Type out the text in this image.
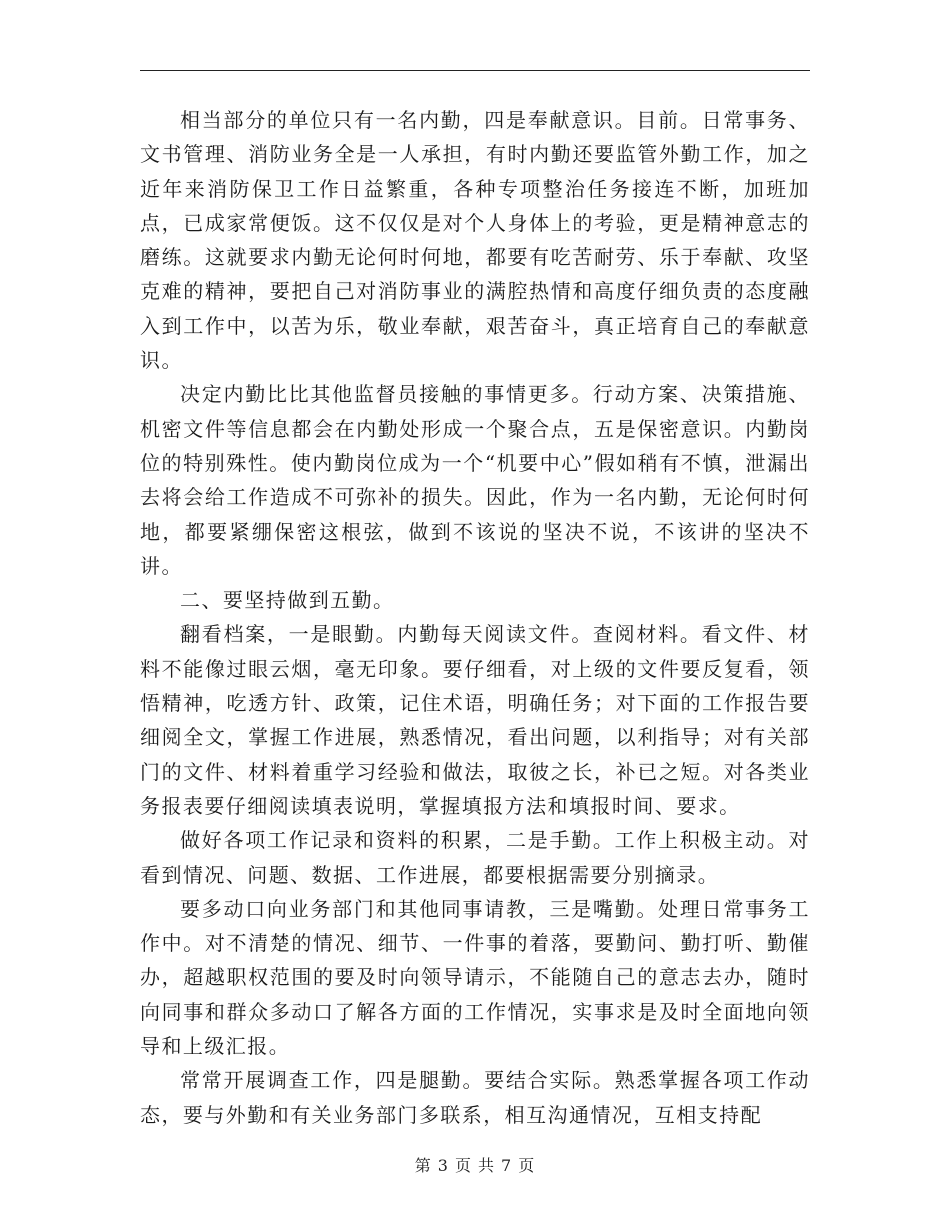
相当部分的单位只有一名内勤，四是奉献意识。目前。日常事务、文书管理、消防业务全是一人承担，有时内勤还要监管外勤工作，加之近年来消防保卫工作日益繁重，各种专项整治任务接连不断，加班加点，已成家常便饭。这不仅仅是对个人身体上的考验，更是精神意志的磨练。这就要求内勤无论何时何地，都要有吃苦耐劳、乐于奉献、攻坚克难的精神，要把自己对消防事业的满腔热情和高度仔细负责的态度融入到工作中，以苦为乐，敬业奉献，艰苦奋斗，真正培育自己的奉献意识。

决定内勤比比其他监督员接触的事情更多。行动方案、决策措施、机密文件等信息都会在内勤处形成一个聚合点，五是保密意识。内勤岗位的特别殊性。使内勤岗位成为一个“机要中心”假如稍有不慎，泄漏出去将会给工作造成不可弥补的损失。因此，作为一名内勤，无论何时何地，都要紧绷保密这根弦，做到不该说的坚决不说，不该讲的坚决不讲。

二、要坚持做到五勤。

翻看档案，一是眼勤。内勤每天阅读文件。查阅材料。看文件、材料不能像过眼云烟，毫无印象。要仔细看，对上级的文件要反复看，领悟精神，吃透方针、政策，记住术语，明确任务；对下面的工作报告要细阅全文，掌握工作进展，熟悉情况，看出问题，以利指导；对有关部门的文件、材料着重学习经验和做法，取彼之长，补已之短。对各类业务报表要仔细阅读填表说明，掌握填报方法和填报时间、要求。

做好各项工作记录和资料的积累，二是手勤。工作上积极主动。对看到情况、问题、数据、工作进展，都要根据需要分别摘录。

要多动口向业务部门和其他同事请教，三是嘴勤。处理日常事务工作中。对不清楚的情况、细节、一件事的着落，要勤问、勤打听、勤催办，超越职权范围的要及时向领导请示，不能随自己的意志去办，随时向同事和群众多动口了解各方面的工作情况，实事求是及时全面地向领导和上级汇报。

常常开展调查工作，四是腿勤。要结合实际。熟悉掌握各项工作动态，要与外勤和有关业务部门多联系，相互沟通情况，互相支持配

第 3 页 共 7 页
